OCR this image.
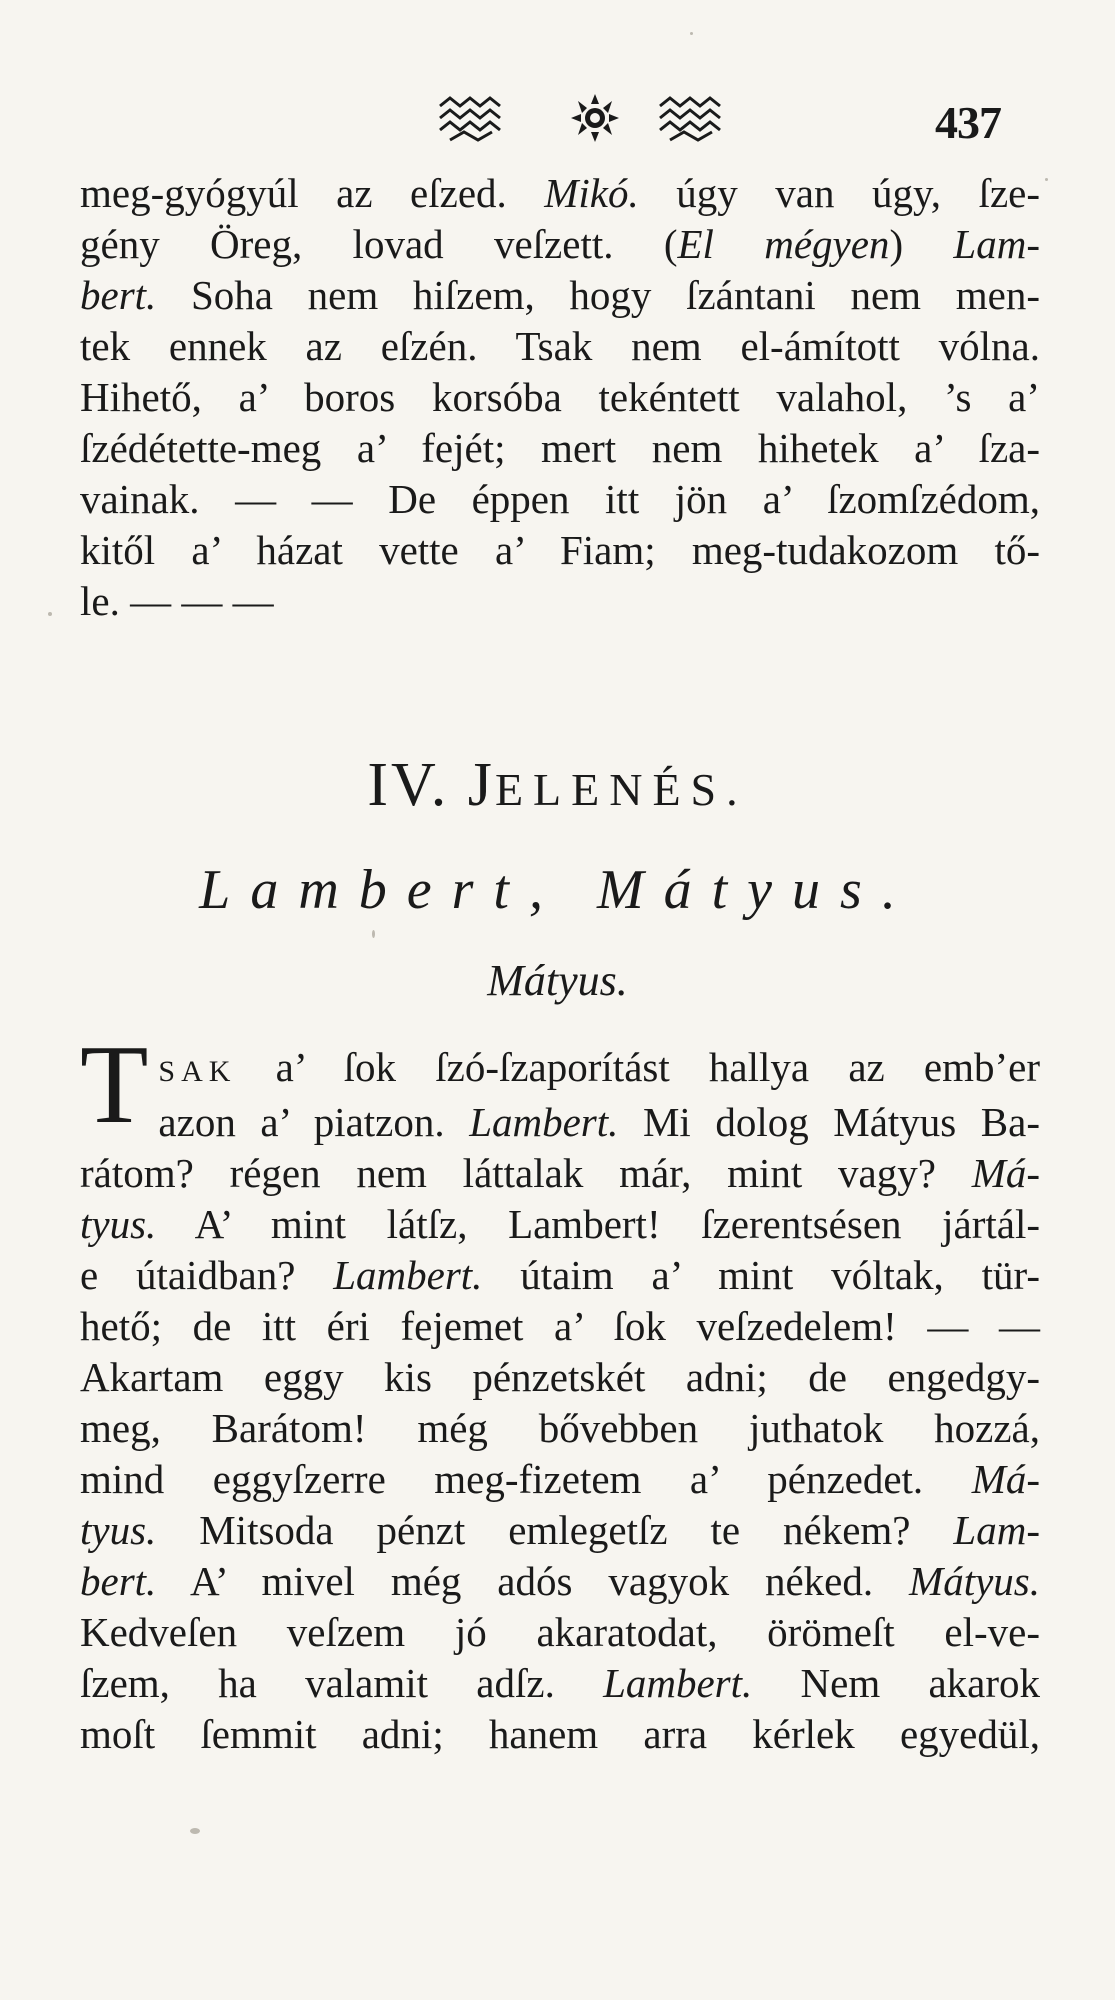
437
meg-gyógyúl az eſzed. Mikó. úgy van úgy, ſze-
gény Öreg, lovad veſzett. (El mégyen) Lam-
bert. Soha nem hiſzem, hogy ſzántani nem men-
tek ennek az eſzén. Tsak nem el-ámított vólna.
Hihető, a’ boros korsóba tekéntett valahol, ’s a’
ſzédétette-meg a’ fejét; mert nem hihetek a’ ſza-
vainak. — — De éppen itt jön a’ ſzomſzédom,
kitől a’ házat vette a’ Fiam; meg-tudakozom tő-
le. — — —
IV. JELENÉS.
Lambert, Mátyus.
Mátyus.
T SAK a’ ſok ſzó-ſzaporítást hallya az emb’er
azon a’ piatzon. Lambert. Mi dolog Mátyus Ba-
rátom? régen nem láttalak már, mint vagy? Má-
tyus. A’ mint látſz, Lambert! ſzerentsésen jártál-
e útaidban? Lambert. útaim a’ mint vóltak, tür-
hető; de itt éri fejemet a’ ſok veſzedelem! — —
Akartam eggy kis pénzetskét adni; de engedgy-
meg, Barátom! még bővebben juthatok hozzá,
mind eggyſzerre meg-fizetem a’ pénzedet. Má-
tyus. Mitsoda pénzt emlegetſz te nékem? Lam-
bert. A’ mivel még adós vagyok néked. Mátyus.
Kedveſen veſzem jó akaratodat, örömeſt el-ve-
ſzem, ha valamit adſz. Lambert. Nem akarok
moſt ſemmit adni; hanem arra kérlek egyedül,
